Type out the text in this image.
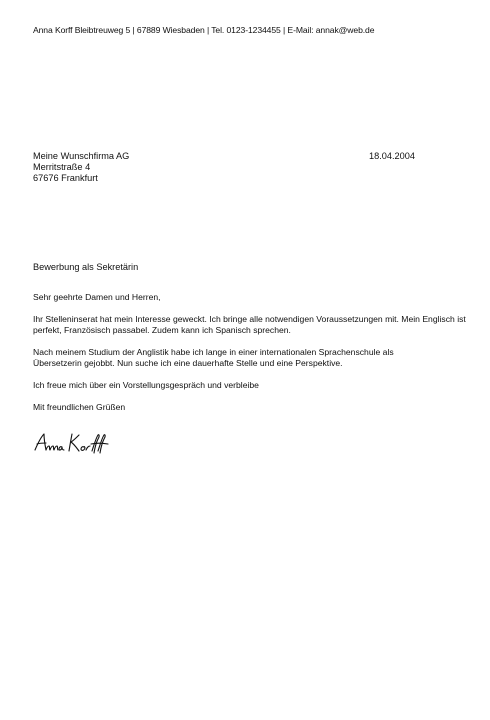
Anna Korff Bleibtreuweg 5 | 67889 Wiesbaden | Tel. 0123-1234455 | E-Mail: annak@web.de
Meine Wunschfirma AG
Merritstraße 4
67676 Frankfurt
18.04.2004
Bewerbung als Sekretärin

Sehr geehrte Damen und Herren,

Ihr Stelleninserat hat mein Interesse geweckt. Ich bringe alle notwendigen Voraussetzungen mit. Mein Englisch ist perfekt, Französisch passabel. Zudem kann ich Spanisch sprechen.

Nach meinem Studium der Anglistik habe ich lange in einer internationalen Sprachenschule als
Übersetzerin gejobbt. Nun suche ich eine dauerhafte Stelle und eine Perspektive.

Ich freue mich über ein Vorstellungsgespräch und verbleibe

Mit freundlichen Grüßen
